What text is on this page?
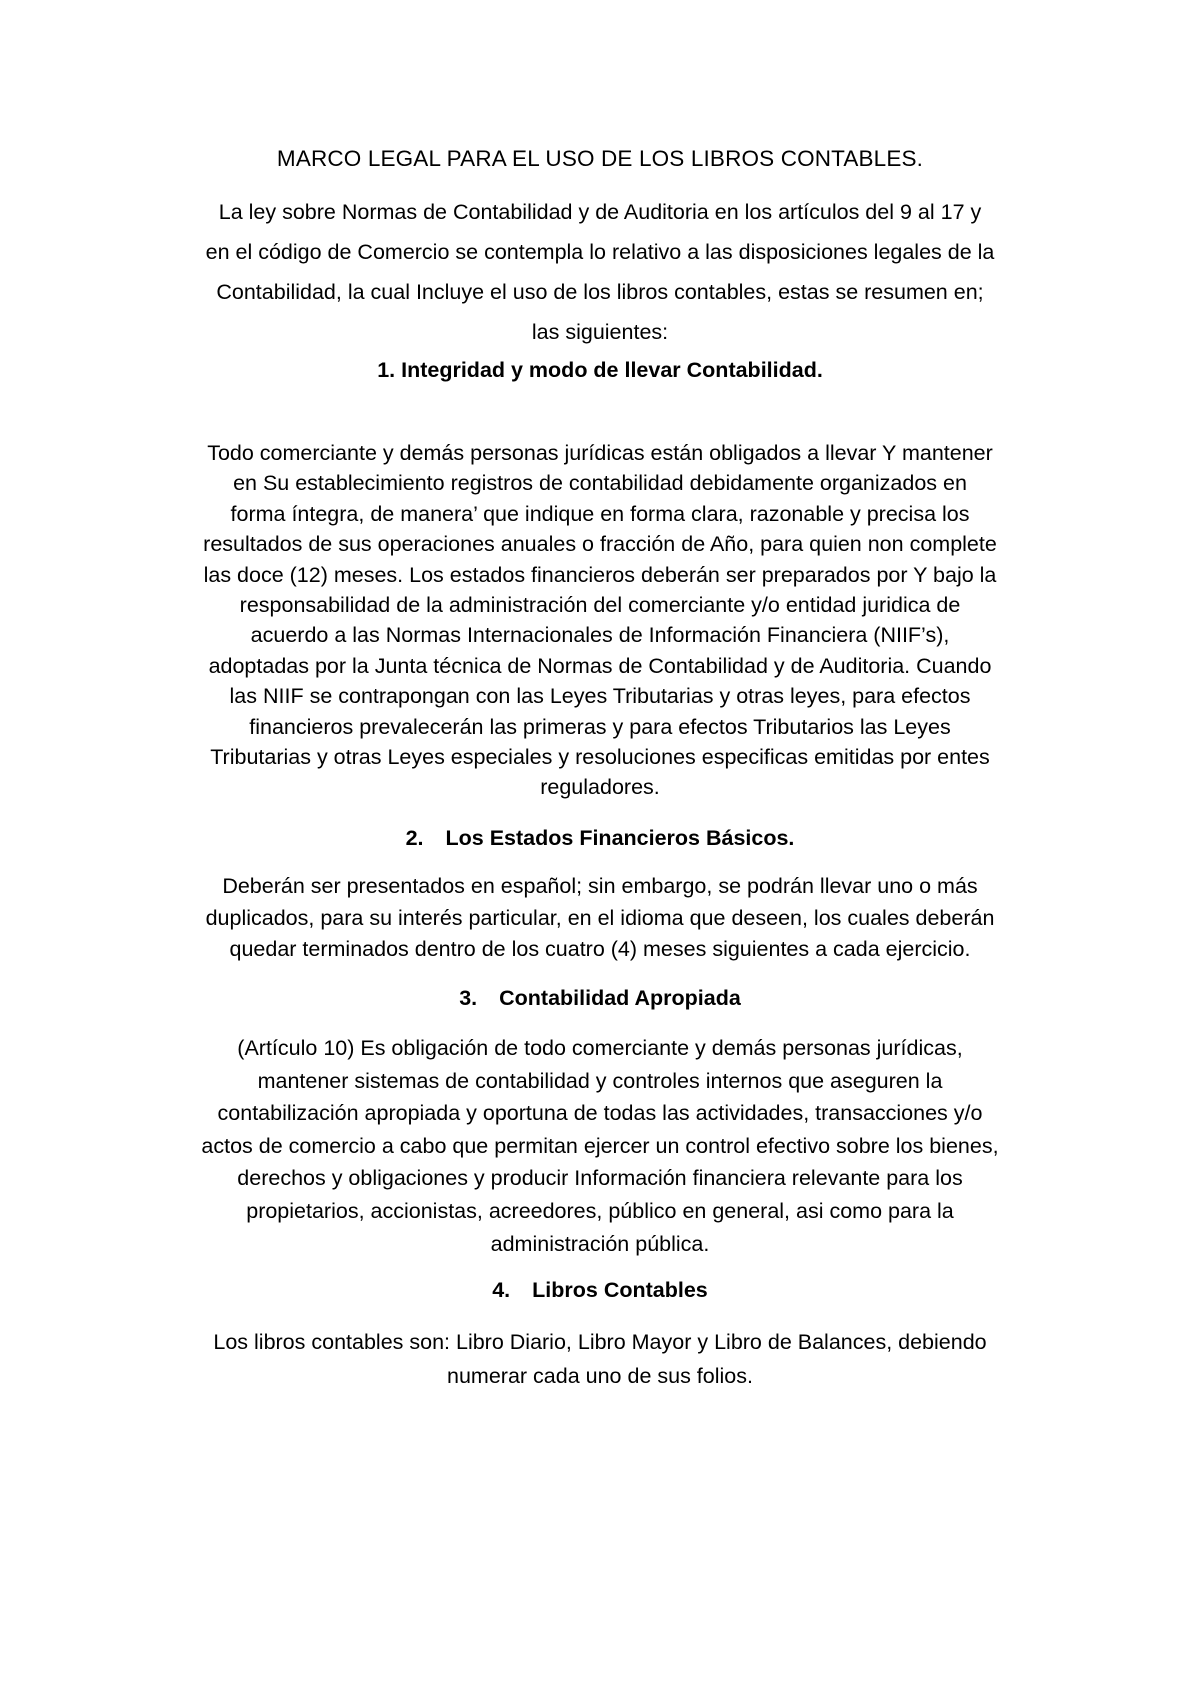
MARCO LEGAL PARA EL USO DE LOS LIBROS CONTABLES.
La ley sobre Normas de Contabilidad y de Auditoria en los artículos del 9 al 17 y
en el código de Comercio se contempla lo relativo a las disposiciones legales de la
Contabilidad, la cual Incluye el uso de los libros contables, estas se resumen en;
las siguientes:
1. Integridad y modo de llevar Contabilidad.
Todo comerciante y demás personas jurídicas están obligados a llevar Y mantener
en Su establecimiento registros de contabilidad debidamente organizados en
forma íntegra, de manera’ que indique en forma clara, razonable y precisa los
resultados de sus operaciones anuales o fracción de Año, para quien non complete
las doce (12) meses. Los estados financieros deberán ser preparados por Y bajo la
responsabilidad de la administración del comerciante y/o entidad juridica de
acuerdo a las Normas Internacionales de Información Financiera (NIIF’s),
adoptadas por la Junta técnica de Normas de Contabilidad y de Auditoria. Cuando
las NIIF se contrapongan con las Leyes Tributarias y otras leyes, para efectos
financieros prevalecerán las primeras y para efectos Tributarios las Leyes
Tributarias y otras Leyes especiales y resoluciones especificas emitidas por entes
reguladores.
2. Los Estados Financieros Básicos.
Deberán ser presentados en español; sin embargo, se podrán llevar uno o más
duplicados, para su interés particular, en el idioma que deseen, los cuales deberán
quedar terminados dentro de los cuatro (4) meses siguientes a cada ejercicio.
3. Contabilidad Apropiada
(Artículo 10) Es obligación de todo comerciante y demás personas jurídicas,
mantener sistemas de contabilidad y controles internos que aseguren la
contabilización apropiada y oportuna de todas las actividades, transacciones y/o
actos de comercio a cabo que permitan ejercer un control efectivo sobre los bienes,
derechos y obligaciones y producir Información financiera relevante para los
propietarios, accionistas, acreedores, público en general, asi como para la
administración pública.
4. Libros Contables
Los libros contables son: Libro Diario, Libro Mayor y Libro de Balances, debiendo
numerar cada uno de sus folios.
